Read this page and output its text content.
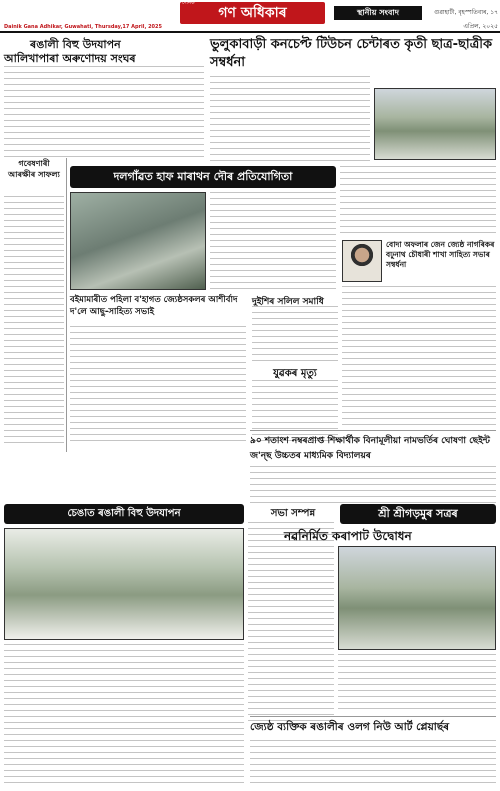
Dainik Gana Adhikar, Guwahati, Thursday,17 April, 2025
গণ অধিকাৰ
দৈনিক
স্থানীয় সংবাদ	গুৱাহাটী, বৃহস্পতিবাৰ, ১৭ এপ্ৰিল, ২০২৫
ৰঙালী বিহু উদযাপন
আলিখাপাৰা অৰুণোদয় সংঘৰ
ভুলুকাবাড়ী কনচেপ্ট টিউচন চেন্টাৰত কৃতী ছাত্ৰ-ছাত্ৰীক সম্বৰ্ধনা
গবেষণাৰী আৰক্ষীৰ সাফল্য	দলগাঁৱত হাফ মাৰাথন দৌৰ প্ৰতিযোগিতা
বোদা অফলাৰ জেন জ্যেষ্ঠ নাগৰিকৰ বঢ়ুনাথ চৌধাৰী শাখা সাহিত্য সভাৰ সম্বৰ্ধনা
বইমামাৰীত পহিলা ব'হাগত জ্যেষ্ঠসকলৰ আশীৰ্বাদ দ'লে আছু-সাহিত্য সভাই
দুইশিৰ সলিল সমাধি
যুৱকৰ মৃত্যু
৯০ শতাংশ নম্বৰপ্ৰাপ্ত শিক্ষাৰ্থীক বিনামূলীয়া নামভৰ্তিৰ ঘোষণা ছেইন্ট জ'ন্ছ উচ্চতৰ মাধ্যমিক বিদ্যালয়ৰ
চেঙাত ৰঙালী বিহু উদযাপন	সভা সম্পন্ন	শ্ৰী শ্ৰীগড়মুৰ সত্ৰৰ
নৱনিৰ্মিত কৰাপাট উদ্বোধন
জ্যেষ্ঠ ব্যক্তিক ৰঙালীৰ ওলগ নিউ আৰ্ট প্লেয়াৰ্ছৰ
